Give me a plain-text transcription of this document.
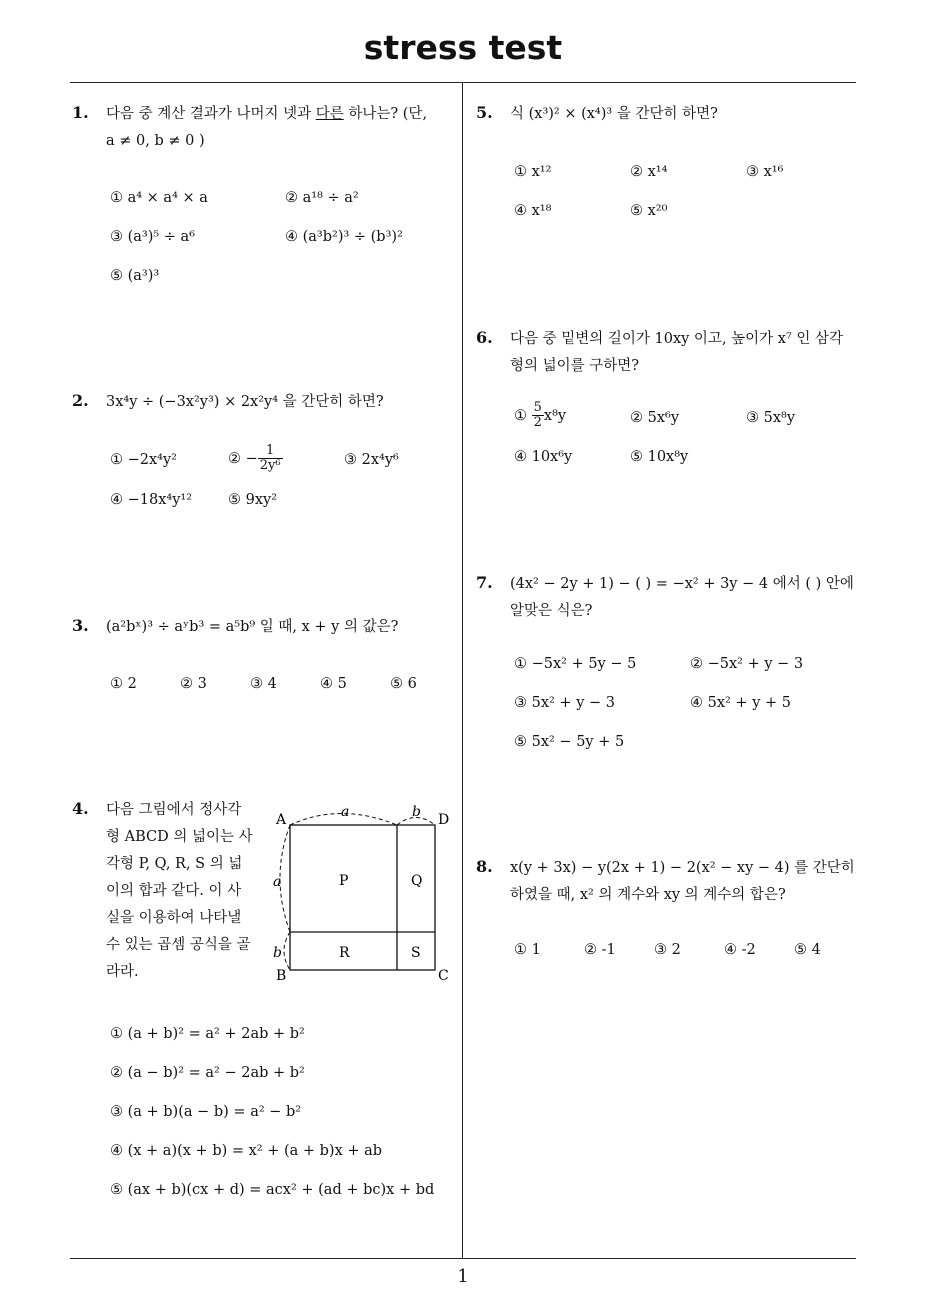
stress test
1
1. 다음 중 계산 결과가 나머지 넷과 다른 하나는? (단,
a ≠ 0, b ≠ 0 )
① a⁴ × a⁴ × a	② a¹⁸ ÷ a²
③ (a³)⁵ ÷ a⁶	④ (a³b²)³ ÷ (b³)²
⑤ (a³)³
2. 3x⁴y ÷ (−3x²y³) × 2x²y⁴ 을 간단히 하면?
① −2x⁴y²	② − $\frac{1}{\text{2y⁶}}$	③ 2x⁴y⁶
④ −18x⁴y¹² ⑤ 9xy²
3. (a²bˣ)³ ÷ aʸb³ = a⁵b⁹ 일 때, x + y 의 값은?
① 2	② 3	③ 4	④ 5	⑤ 6
4. 다음 그림에서 정사각
형 ABCD 의 넓이는 사
각형 P, Q, R, S 의 넓
이의 합과 같다. 이 사
실을 이용하여 나타낼
수 있는 곱셈 공식을 골
라라.
A	D
B	C
P	Q
R	S
a	b
a
b
① (a + b)² = a² + 2ab + b²
② (a − b)² = a² − 2ab + b²
③ (a + b)(a − b) = a² − b²
④ (x + a)(x + b) = x² + (a + b)x + ab
⑤ (ax + b)(cx + d) = acx² + (ad + bc)x + bd
5. 식 (x³)² × (x⁴)³ 을 간단히 하면?
① x¹²	② x¹⁴	③ x¹⁶
④ x¹⁸	⑤ x²⁰
6. 다음 중 밑변의 길이가 10xy 이고, 높이가 x⁷ 인 삼각
형의 넓이를 구하면?
① $\frac{5}{2} x^8y$	② 5x⁶y	③ 5x⁸y
④ 10x⁶y	⑤ 10x⁸y
7. (4x² − 2y + 1) − ( ) = −x² + 3y − 4 에서 ( ) 안에
알맞은 식은?
① −5x² + 5y − 5	② −5x² + y − 3
③ 5x² + y − 3	④ 5x² + y + 5
⑤ 5x² − 5y + 5
8. x(y + 3x) − y(2x + 1) − 2(x² − xy − 4) 를 간단히
하였을 때, x² 의 계수와 xy 의 계수의 합은?
① 1	② -1	③ 2	④ -2	⑤ 4
